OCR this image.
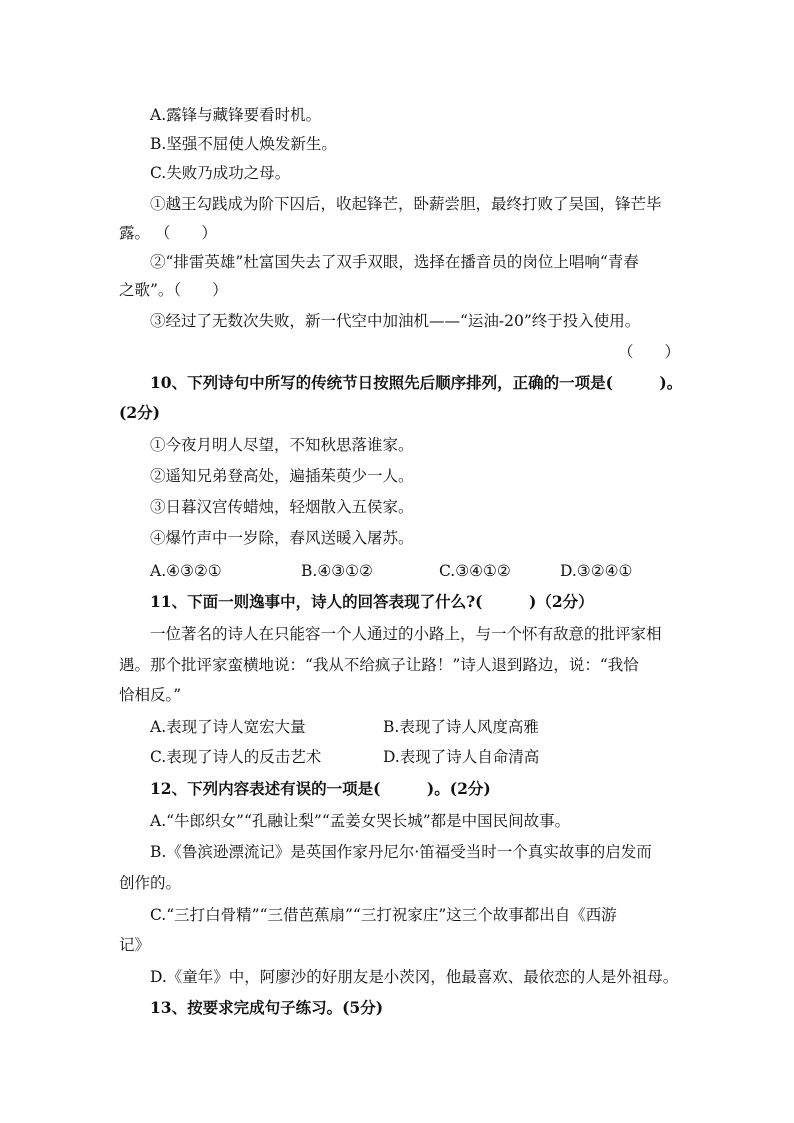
A.露锋与藏锋要看时机。
B.坚强不屈使人焕发新生。
C.失败乃成功之母。
①越王勾践成为阶下囚后，收起锋芒，卧薪尝胆，最终打败了吴国，锋芒毕
露。 （　　）
②“排雷英雄”杜富国失去了双手双眼，选择在播音员的岗位上唱响“青春
之歌”。（　　）
③经过了无数次失败，新一代空中加油机——“运油-20”终于投入使用。
（　　）
10、下列诗句中所写的传统节日按照先后顺序排列，正确的一项是(　　　)。
(2分)
①今夜月明人尽望，不知秋思落谁家。
②遥知兄弟登高处，遍插茱萸少一人。
③日暮汉宫传蜡烛，轻烟散入五侯家。
④爆竹声中一岁除，春风送暖入屠苏。
A.④③②①	B.④③①②	C.③④①②	D.③②④①
11、下面一则逸事中，诗人的回答表现了什么?(　　　)（2分）
一位著名的诗人在只能容一个人通过的小路上，与一个怀有敌意的批评家相
遇。那个批评家蛮横地说：“我从不给疯子让路！”诗人退到路边，说：“我恰
恰相反。”
A.表现了诗人宽宏大量	B.表现了诗人风度高雅
C.表现了诗人的反击艺术	D.表现了诗人自命清高
12、下列内容表述有误的一项是(　　　)。(2分)
A.“牛郎织女”“孔融让梨”“孟姜女哭长城”都是中国民间故事。
B.《鲁滨逊漂流记》是英国作家丹尼尔·笛福受当时一个真实故事的启发而
创作的。
C.“三打白骨精”“三借芭蕉扇”“三打祝家庄”这三个故事都出自《西游
记》
D.《童年》中，阿廖沙的好朋友是小茨冈，他最喜欢、最依恋的人是外祖母。
13、按要求完成句子练习。(5分)
